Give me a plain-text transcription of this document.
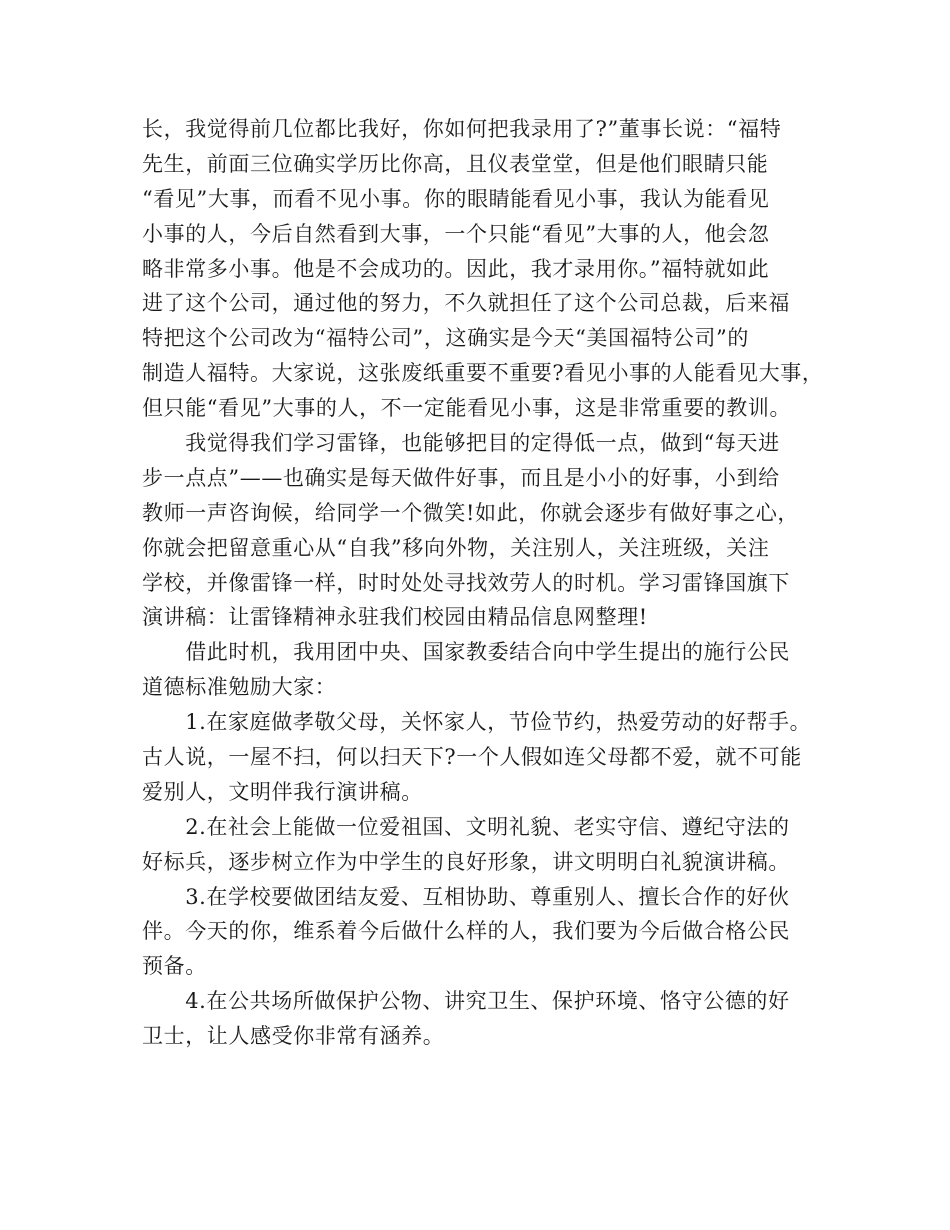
长，我觉得前几位都比我好，你如何把我录用了?”董事长说：“福特
先生，前面三位确实学历比你高，且仪表堂堂，但是他们眼睛只能
“看见”大事，而看不见小事。你的眼睛能看见小事，我认为能看见
小事的人，今后自然看到大事，一个只能“看见”大事的人，他会忽
略非常多小事。他是不会成功的。因此，我才录用你。”福特就如此
进了这个公司，通过他的努力，不久就担任了这个公司总裁，后来福
特把这个公司改为“福特公司”，这确实是今天“美国福特公司”的
制造人福特。大家说，这张废纸重要不重要?看见小事的人能看见大事，
但只能“看见”大事的人，不一定能看见小事，这是非常重要的教训。
　　我觉得我们学习雷锋，也能够把目的定得低一点，做到“每天进
步一点点”——也确实是每天做件好事，而且是小小的好事，小到给
教师一声咨询候，给同学一个微笑!如此，你就会逐步有做好事之心，
你就会把留意重心从“自我”移向外物，关注别人，关注班级，关注
学校，并像雷锋一样，时时处处寻找效劳人的时机。学习雷锋国旗下
演讲稿：让雷锋精神永驻我们校园由精品信息网整理!
　　借此时机，我用团中央、国家教委结合向中学生提出的施行公民
道德标准勉励大家：
　　1.在家庭做孝敬父母，关怀家人，节俭节约，热爱劳动的好帮手。
古人说，一屋不扫，何以扫天下?一个人假如连父母都不爱，就不可能
爱别人，文明伴我行演讲稿。
　　2.在社会上能做一位爱祖国、文明礼貌、老实守信、遵纪守法的
好标兵，逐步树立作为中学生的良好形象，讲文明明白礼貌演讲稿。
　　3.在学校要做团结友爱、互相协助、尊重别人、擅长合作的好伙
伴。今天的你，维系着今后做什么样的人，我们要为今后做合格公民
预备。
　　4.在公共场所做保护公物、讲究卫生、保护环境、恪守公德的好
卫士，让人感受你非常有涵养。
